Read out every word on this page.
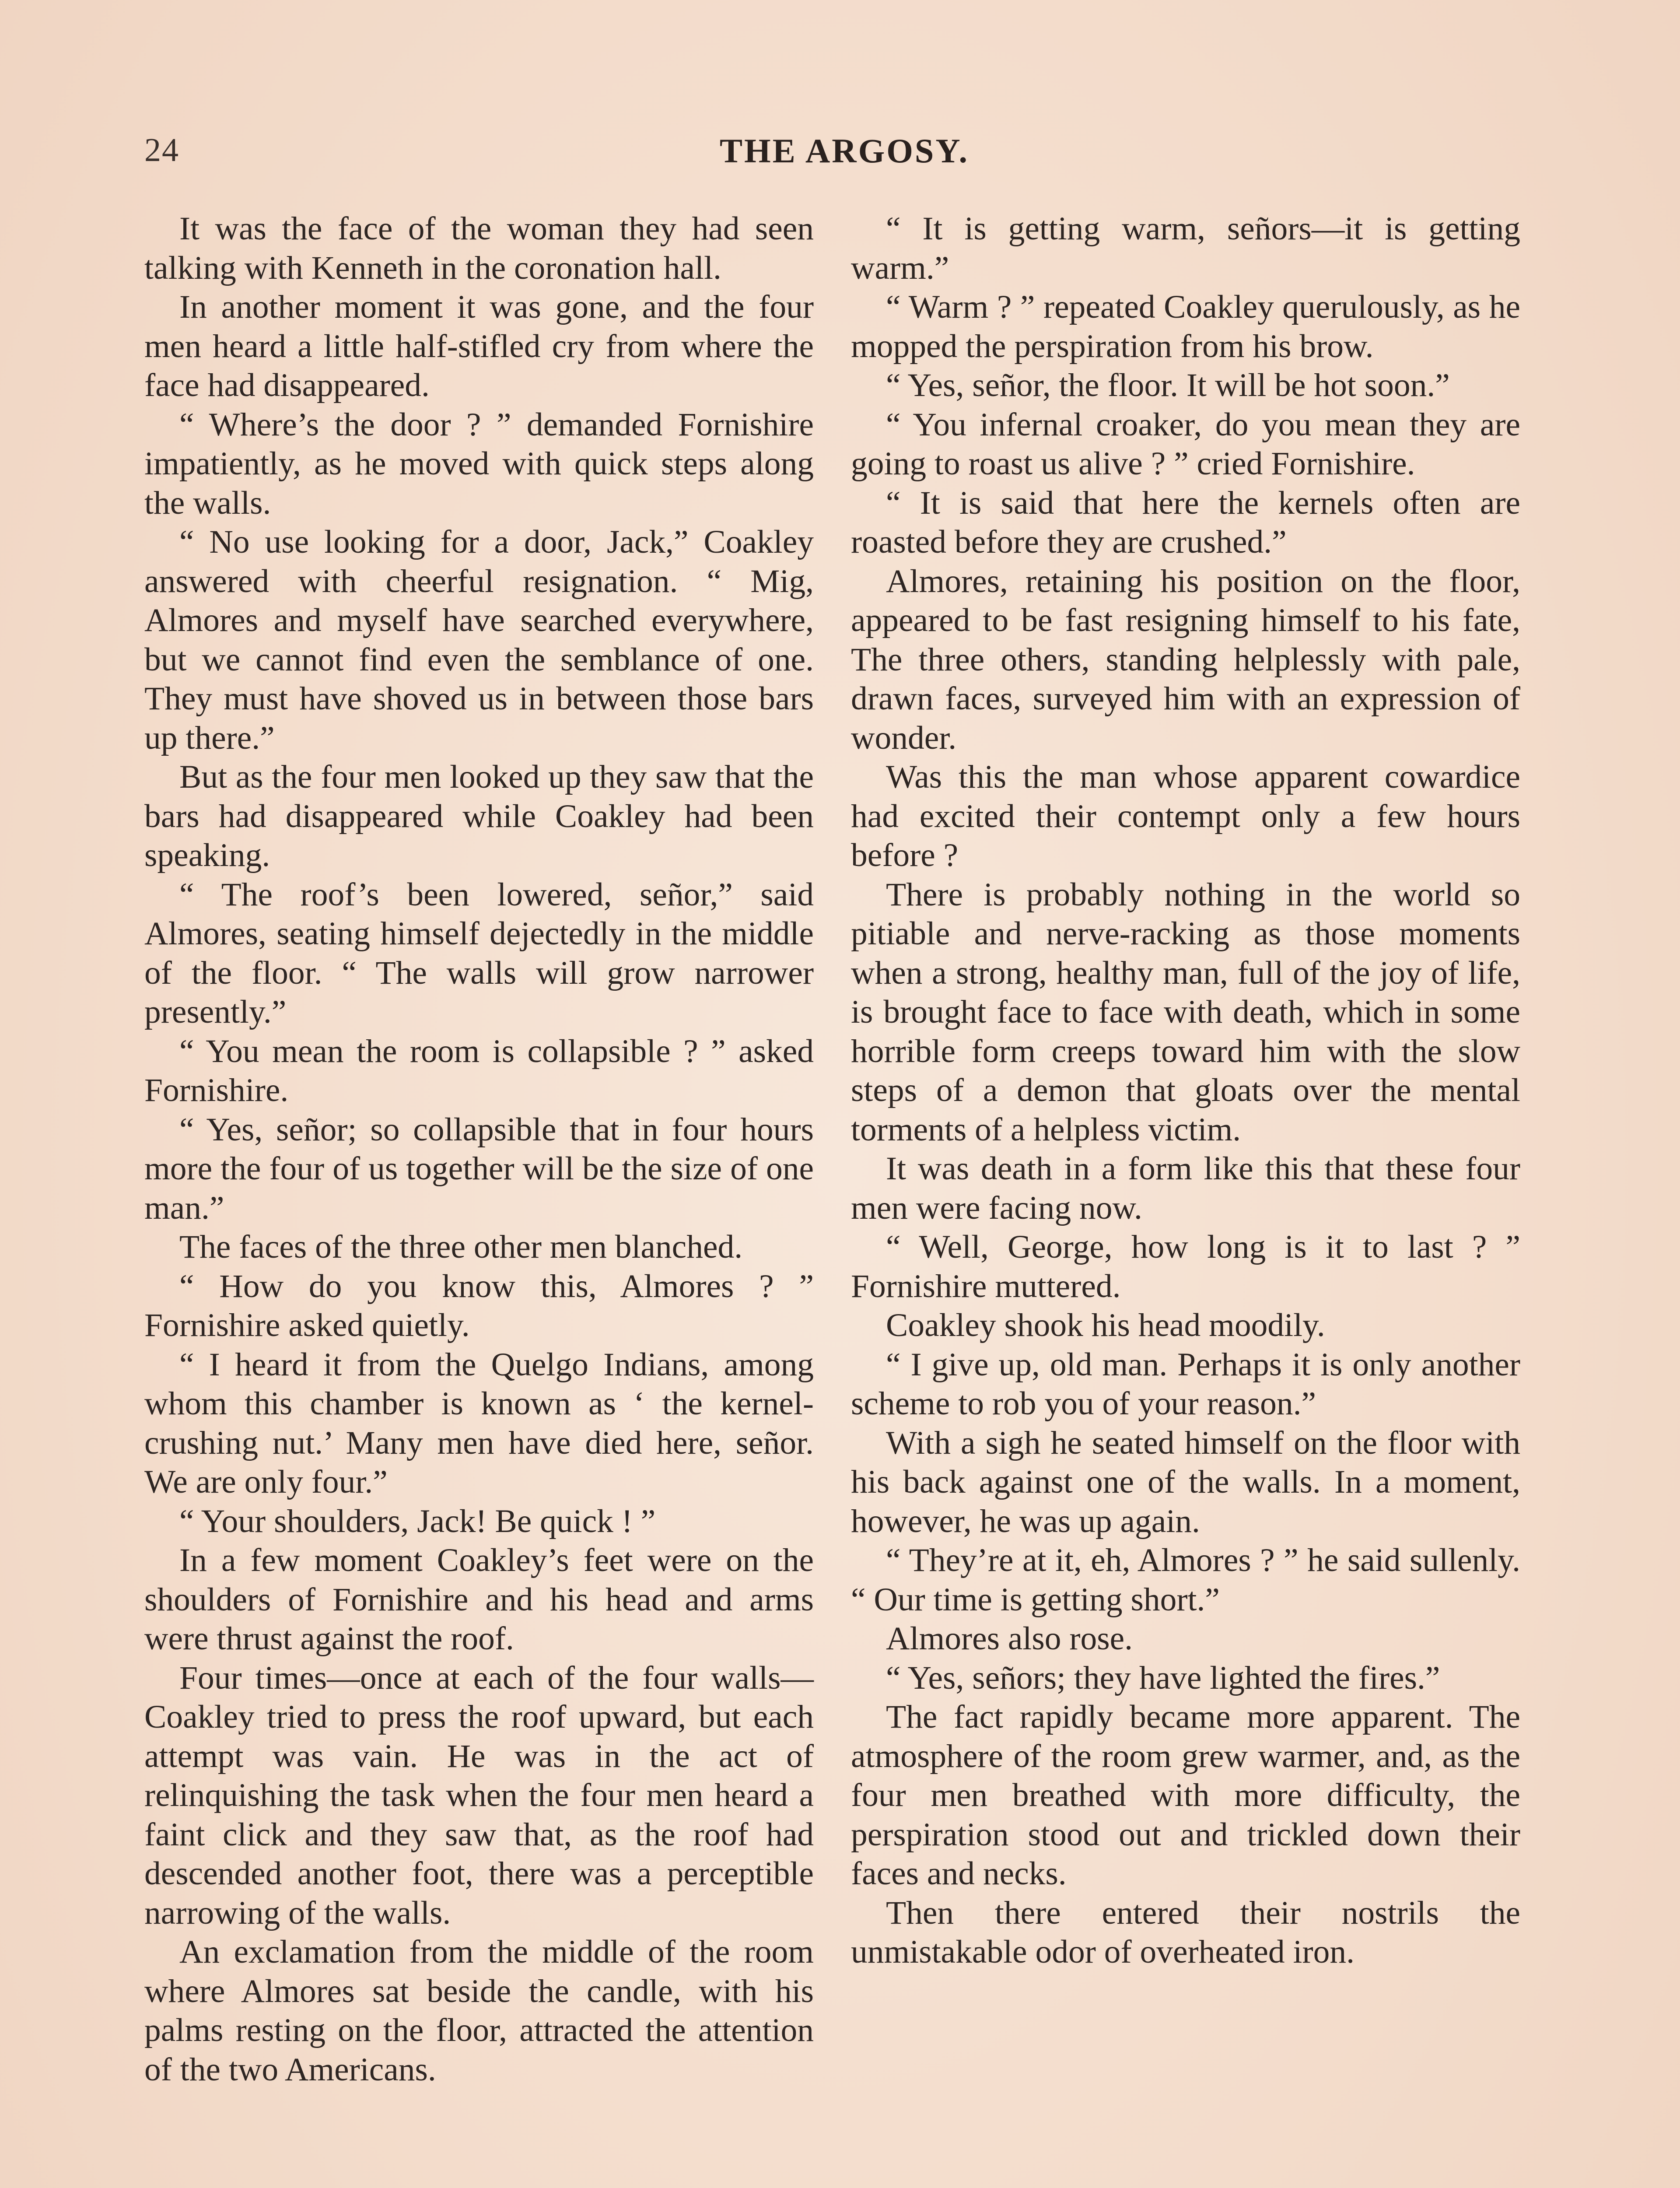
24	THE ARGOSY.

It was the face of the woman they had seen talking with Kenneth in the coronation hall.

In another moment it was gone, and the four men heard a little half-stifled cry from where the face had disappeared.

“ Where’s the door ? ” demanded Fornishire impatiently, as he moved with quick steps along the walls.

“ No use looking for a door, Jack,” Coakley answered with cheerful resignation. “ Mig, Almores and myself have searched everywhere, but we cannot find even the semblance of one. They must have shoved us in between those bars up there.”

But as the four men looked up they saw that the bars had disappeared while Coakley had been speaking.

“ The roof’s been lowered, señor,” said Almores, seating himself dejectedly in the middle of the floor. “ The walls will grow narrower presently.”

“ You mean the room is collapsible ? ” asked Fornishire.

“ Yes, señor; so collapsible that in four hours more the four of us together will be the size of one man.”

The faces of the three other men blanched.

“ How do you know this, Almores ? ” Fornishire asked quietly.

“ I heard it from the Quelgo Indians, among whom this chamber is known as ‘ the kernel-crushing nut.’ Many men have died here, señor. We are only four.”

“ Your shoulders, Jack! Be quick ! ”

In a few moment Coakley’s feet were on the shoulders of Fornishire and his head and arms were thrust against the roof.

Four times—once at each of the four walls—Coakley tried to press the roof upward, but each attempt was vain. He was in the act of relinquishing the task when the four men heard a faint click and they saw that, as the roof had descended another foot, there was a perceptible narrowing of the walls.

An exclamation from the middle of the room where Almores sat beside the candle, with his palms resting on the floor, attracted the attention of the two Americans.

“ It is getting warm, señors—it is getting warm.”

“ Warm ? ” repeated Coakley querulously, as he mopped the perspiration from his brow.

“ Yes, señor, the floor. It will be hot soon.”

“ You infernal croaker, do you mean they are going to roast us alive ? ” cried Fornishire.

“ It is said that here the kernels often are roasted before they are crushed.”

Almores, retaining his position on the floor, appeared to be fast resigning himself to his fate, The three others, standing helplessly with pale, drawn faces, surveyed him with an expression of wonder.

Was this the man whose apparent cowardice had excited their contempt only a few hours before ?

There is probably nothing in the world so pitiable and nerve-racking as those moments when a strong, healthy man, full of the joy of life, is brought face to face with death, which in some horrible form creeps toward him with the slow steps of a demon that gloats over the mental torments of a helpless victim.

It was death in a form like this that these four men were facing now.

“ Well, George, how long is it to last ? ” Fornishire muttered.

Coakley shook his head moodily.

“ I give up, old man. Perhaps it is only another scheme to rob you of your reason.”

With a sigh he seated himself on the floor with his back against one of the walls. In a moment, however, he was up again.

“ They’re at it, eh, Almores ? ” he said sullenly. “ Our time is getting short.”

Almores also rose.

“ Yes, señors; they have lighted the fires.”

The fact rapidly became more apparent. The atmosphere of the room grew warmer, and, as the four men breathed with more difficulty, the perspiration stood out and trickled down their faces and necks.

Then there entered their nostrils the unmistakable odor of overheated iron.
